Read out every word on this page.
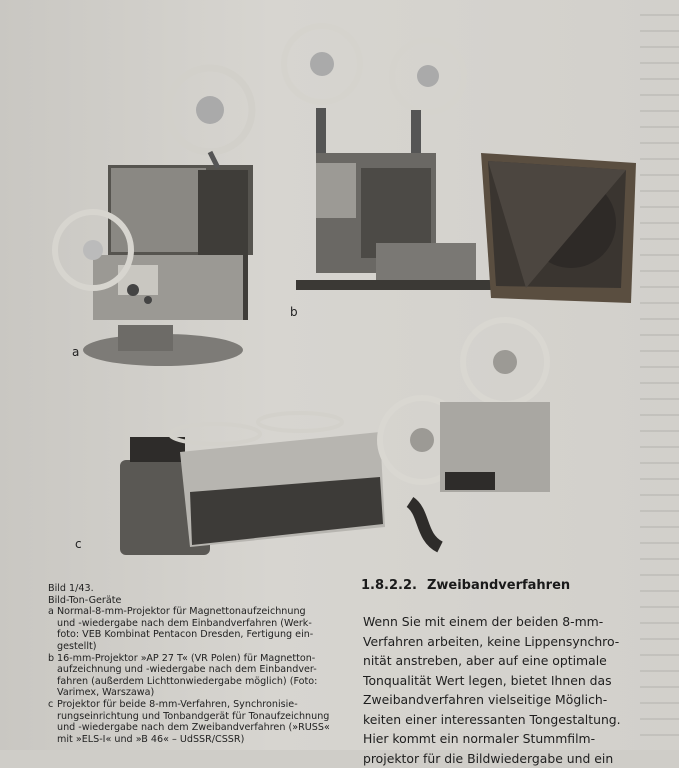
a
b
c
Bild 1/43.
Bild-Ton-Geräte
a Normal-8-mm-Projektor für Magnettonaufzeichnung
und -wiedergabe nach dem Einbandverfahren (Werk-
foto: VEB Kombinat Pentacon Dresden, Fertigung ein-
gestellt)
b 16-mm-Projektor »AP 27 T« (VR Polen) für Magnetton-
aufzeichnung und -wiedergabe nach dem Einbandver-
fahren (außerdem Lichttonwiedergabe möglich) (Foto:
Varimex, Warszawa)
c Projektor für beide 8-mm-Verfahren, Synchronisie-
rungseinrichtung und Tonbandgerät für Tonaufzeichnung
und -wiedergabe nach dem Zweibandverfahren (»RUSS«
mit »ELS-I« und »B 46« – UdSSR/CSSR)
1.8.2.2. Zweibandverfahren
Wenn Sie mit einem der beiden 8-mm-
Verfahren arbeiten, keine Lippensynchro-
nität anstreben, aber auf eine optimale
Tonqualität Wert legen, bietet Ihnen das
Zweibandverfahren vielseitige Möglich-
keiten einer interessanten Tongestaltung.
Hier kommt ein normaler Stummfilm-
projektor für die Bildwiedergabe und ein
